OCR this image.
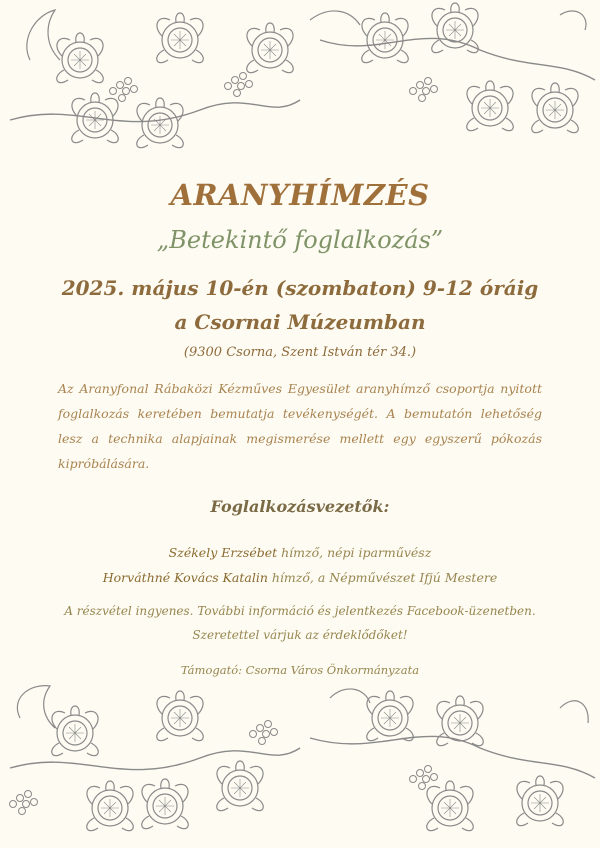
ARANYHÍMZÉS
„Betekintő foglalkozás”
2025. május 10-én (szombaton) 9-12 óráig
a Csornai Múzeumban
(9300 Csorna, Szent István tér 34.)
Az Aranyfonal Rábaközi Kézműves Egyesület aranyhímző csoportja nyitott foglalkozás keretében bemutatja tevékenységét. A bemutatón lehetőség lesz a technika alapjainak megismerése mellett egy egyszerű pókozás kipróbálására.
Foglalkozásvezetők:
Székely Erzsébet hímző, népi iparművész
Horváthné Kovács Katalin hímző, a Népművészet Ifjú Mestere
A részvétel ingyenes. További információ és jelentkezés Facebook-üzenetben.
Szeretettel várjuk az érdeklődőket!
Támogató: Csorna Város Önkormányzata
